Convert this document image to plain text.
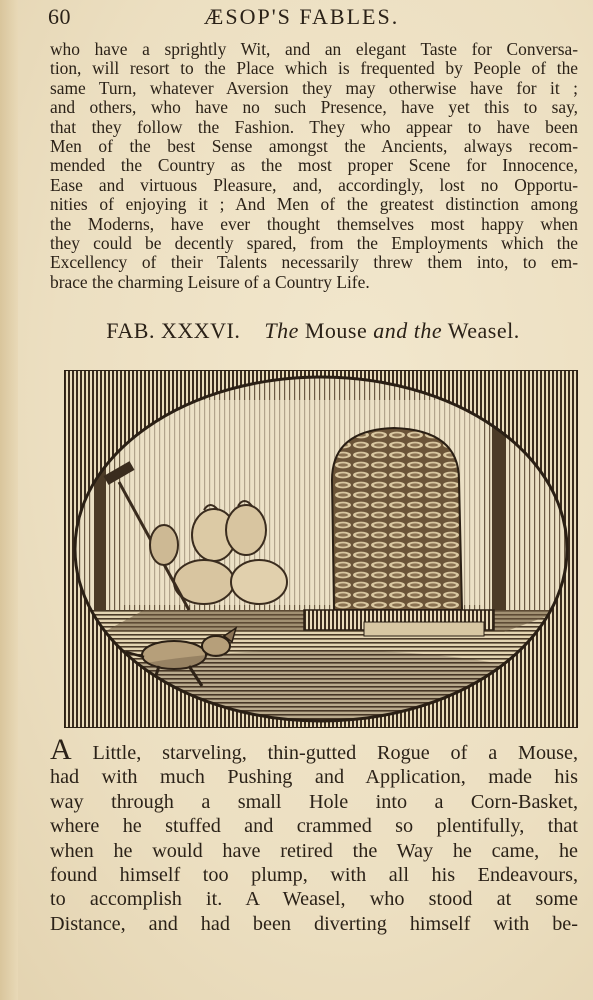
60	ÆSOP'S FABLES.
who have a sprightly Wit, and an elegant Taste for Conversa-
tion, will resort to the Place which is frequented by People of the
same Turn, whatever Aversion they may otherwise have for it ;
and others, who have no such Presence, have yet this to say,
that they follow the Fashion. They who appear to have been
Men of the best Sense amongst the Ancients, always recom-
mended the Country as the most proper Scene for Innocence,
Ease and virtuous Pleasure, and, accordingly, lost no Opportu-
nities of enjoying it ; And Men of the greatest distinction among
the Moderns, have ever thought themselves most happy when
they could be decently spared, from the Employments which the
Excellency of their Talents necessarily threw them into, to em-
brace the charming Leisure of a Country Life.
FAB. XXXVI. The Mouse and the Weasel.
A Little, starveling, thin-gutted Rogue of a Mouse,
had with much Pushing and Application, made his
way through a small Hole into a Corn-Basket,
where he stuffed and crammed so plentifully, that
when he would have retired the Way he came, he
found himself too plump, with all his Endeavours,
to accomplish it. A Weasel, who stood at some
Distance, and had been diverting himself with be-
